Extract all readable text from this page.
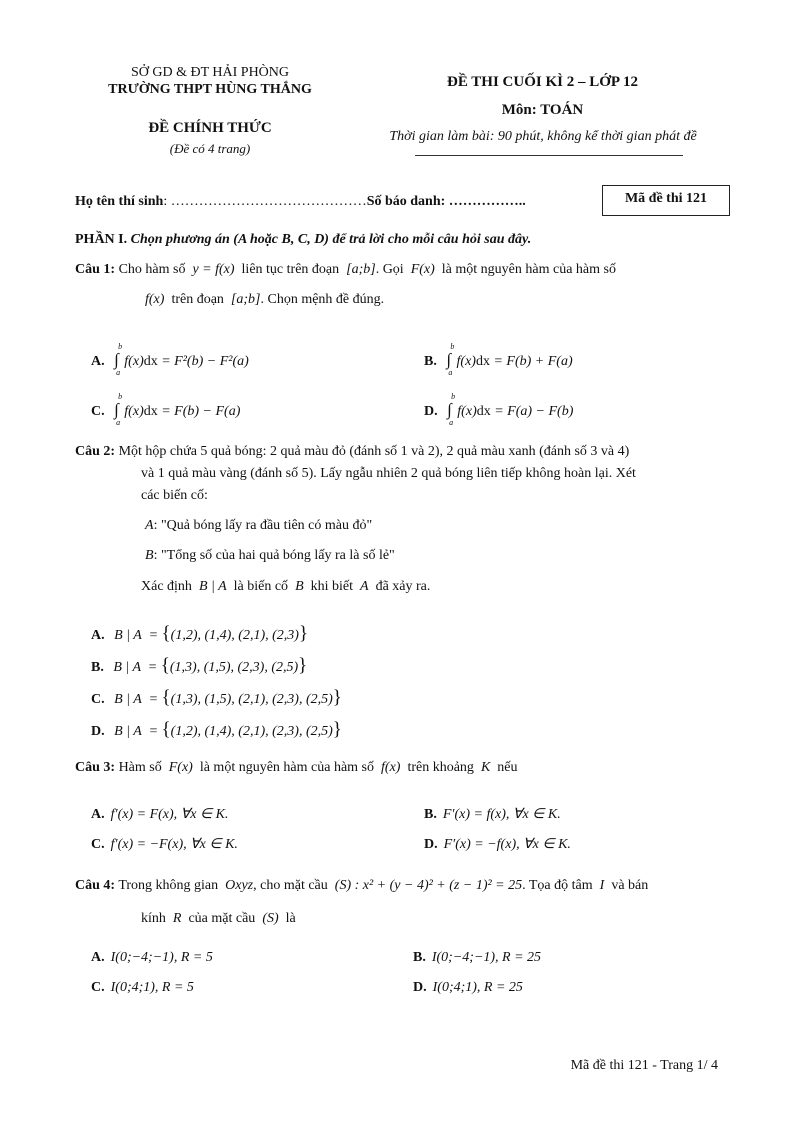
SỞ GD & ĐT HẢI PHÒNG
TRƯỜNG THPT HÙNG THẮNG
ĐỀ CHÍNH THỨC
(Đề có 4 trang)
ĐỀ THI CUỐI KÌ 2 – LỚP 12
Môn: TOÁN
Thời gian làm bài: 90 phút, không kể thời gian phát đề
Họ tên thí sinh: ……………………………………Số báo danh: ……………..	Mã đề thi 121
PHẦN I. Chọn phương án (A hoặc B, C, D) để trả lời cho mỗi câu hỏi sau đây.
Câu 1: Cho hàm số  y = f(x)  liên tục trên đoạn  [a;b]. Gọi  F(x)  là một nguyên hàm của hàm số
f(x)  trên đoạn  [a;b]. Chọn mệnh đề đúng.
A. ∫
b
a
f(x)dx = F²(b) − F²(a)	B. ∫
b
a
f(x)dx = F(b) + F(a)
C. ∫
b
a
f(x)dx = F(b) − F(a)	D. ∫
b
a
f(x)dx = F(a) − F(b)
Câu 2: Một hộp chứa 5 quả bóng: 2 quả màu đỏ (đánh số 1 và 2), 2 quả màu xanh (đánh số 3 và 4)
và 1 quả màu vàng (đánh số 5). Lấy ngẫu nhiên 2 quả bóng liên tiếp không hoàn lại. Xét
các biến cố:
A: "Quả bóng lấy ra đầu tiên có màu đỏ"
B: "Tổng số của hai quả bóng lấy ra là số lẻ"
Xác định  B | A  là biến cố  B  khi biết  A  đã xảy ra.
A. B | A  = {(1,2), (1,4), (2,1), (2,3)}
B. B | A  = {(1,3), (1,5), (2,3), (2,5)}
C. B | A  = {(1,3), (1,5), (2,1), (2,3), (2,5)}
D. B | A  = {(1,2), (1,4), (2,1), (2,3), (2,5)}
Câu 3: Hàm số  F(x)  là một nguyên hàm của hàm số  f(x)  trên khoảng  K  nếu
A. f′(x) = F(x), ∀x ∈ K.	B. F′(x) = f(x), ∀x ∈ K.
C. f′(x) = −F(x), ∀x ∈ K.	D. F′(x) = −f(x), ∀x ∈ K.
Câu 4: Trong không gian  Oxyz, cho mặt cầu  (S) : x² + (y − 4)² + (z − 1)² = 25. Tọa độ tâm  I  và bán
kính  R  của mặt cầu  (S)  là
A. I(0;−4;−1), R = 5	B. I(0;−4;−1), R = 25
C. I(0;4;1), R = 5	D. I(0;4;1), R = 25
Mã đề thi 121 - Trang 1/ 4
